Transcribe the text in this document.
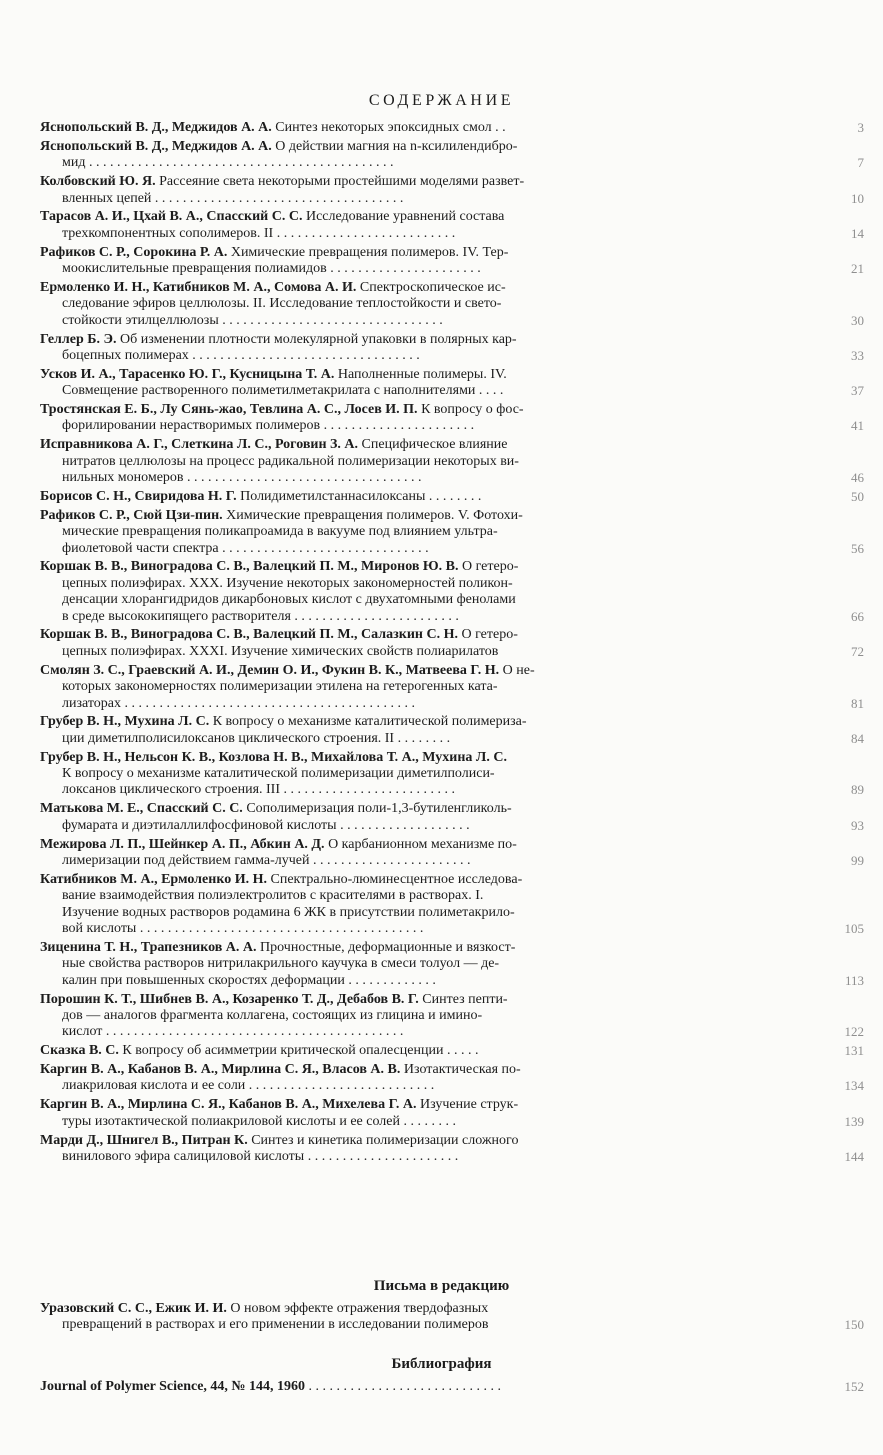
СОДЕРЖАНИЕ
Яснопольский В. Д., Меджидов А. А. Синтез некоторых эпоксидных смол . .	3
Яснопольский В. Д., Меджидов А. А. О действии магния на n-ксилилендибро-
мид . . . . . . . . . . . . . . . . . . . . . . . . . . . . . . . . . . . . . . . . . . . .	7
Колбовский Ю. Я. Рассеяние света некоторыми простейшими моделями развет-
вленных цепей . . . . . . . . . . . . . . . . . . . . . . . . . . . . . . . . . . . .	10
Тарасов А. И., Цхай В. А., Спасский С. С. Исследование уравнений состава
трехкомпонентных сополимеров. II . . . . . . . . . . . . . . . . . . . . . . . . . .	14
Рафиков С. Р., Сорокина Р. А. Химические превращения полимеров. IV. Тер-
моокислительные превращения полиамидов . . . . . . . . . . . . . . . . . . . . . .	21
Ермоленко И. Н., Катибников М. А., Сомова А. И. Спектроскопическое ис-
следование эфиров целлюлозы. II. Исследование теплостойкости и свето-
стойкости этилцеллюлозы . . . . . . . . . . . . . . . . . . . . . . . . . . . . . . . .	30
Геллер Б. Э. Об изменении плотности молекулярной упаковки в полярных кар-
боцепных полимерах . . . . . . . . . . . . . . . . . . . . . . . . . . . . . . . . .	33
Усков И. А., Тарасенко Ю. Г., Кусницына Т. А. Наполненные полимеры. IV.
Совмещение растворенного полиметилметакрилата с наполнителями . . . .	37
Тростянская Е. Б., Лу Сянь-жао, Тевлина А. С., Лосев И. П. К вопросу о фос-
форилировании нерастворимых полимеров . . . . . . . . . . . . . . . . . . . . . .	41
Исправникова А. Г., Слеткина Л. С., Роговин З. А. Специфическое влияние
нитратов целлюлозы на процесс радикальной полимеризации некоторых ви-
нильных мономеров . . . . . . . . . . . . . . . . . . . . . . . . . . . . . . . . . .	46
Борисов С. Н., Свиридова Н. Г. Полидиметилстаннасилоксаны . . . . . . . .	50
Рафиков С. Р., Сюй Цзи-пин. Химические превращения полимеров. V. Фотохи-
мические превращения поликапроамида в вакууме под влиянием ультра-
фиолетовой части спектра . . . . . . . . . . . . . . . . . . . . . . . . . . . . . .	56
Коршак В. В., Виноградова С. В., Валецкий П. М., Миронов Ю. В. О гетеро-
цепных полиэфирах. XXX. Изучение некоторых закономерностей поликон-
денсации хлорангидридов дикарбоновых кислот с двухатомными фенолами
в среде высококипящего растворителя . . . . . . . . . . . . . . . . . . . . . . . .	66
Коршак В. В., Виноградова С. В., Валецкий П. М., Салазкин С. Н. О гетеро-
цепных полиэфирах. XXXI. Изучение химических свойств полиарилатов	72
Смолян З. С., Граевский А. И., Демин О. И., Фукин В. К., Матвеева Г. Н. О не-
которых закономерностях полимеризации этилена на гетерогенных ката-
лизаторах . . . . . . . . . . . . . . . . . . . . . . . . . . . . . . . . . . . . . . . . . .	81
Грубер В. Н., Мухина Л. С. К вопросу о механизме каталитической полимериза-
ции диметилполисилоксанов циклического строения. II . . . . . . . .	84
Грубер В. Н., Нельсон К. В., Козлова Н. В., Михайлова Т. А., Мухина Л. С.
К вопросу о механизме каталитической полимеризации диметилполиси-
локсанов циклического строения. III . . . . . . . . . . . . . . . . . . . . . . . . .	89
Матькова М. Е., Спасский С. С. Сополимеризация поли-1,3-бутиленгликоль-
фумарата и диэтилаллилфосфиновой кислоты . . . . . . . . . . . . . . . . . . .	93
Межирова Л. П., Шейнкер А. П., Абкин А. Д. О карбанионном механизме по-
лимеризации под действием гамма-лучей . . . . . . . . . . . . . . . . . . . . . . .	99
Катибников М. А., Ермоленко И. Н. Спектрально-люминесцентное исследова-
вание взаимодействия полиэлектролитов с красителями в растворах. I.
Изучение водных растворов родамина 6 ЖК в присутствии полиметакрило-
вой кислоты . . . . . . . . . . . . . . . . . . . . . . . . . . . . . . . . . . . . . . . . .	105
Зиценина Т. Н., Трапезников А. А. Прочностные, деформационные и вязкост-
ные свойства растворов нитрилакрильного каучука в смеси толуол — де-
калин при повышенных скоростях деформации . . . . . . . . . . . . .	113
Порошин К. Т., Шибнев В. А., Козаренко Т. Д., Дебабов В. Г. Синтез пепти-
дов — аналогов фрагмента коллагена, состоящих из глицина и имино-
кислот . . . . . . . . . . . . . . . . . . . . . . . . . . . . . . . . . . . . . . . . . . .	122
Сказка В. С. К вопросу об асимметрии критической опалесценции . . . . .	131
Каргин В. А., Кабанов В. А., Мирлина С. Я., Власов А. В. Изотактическая по-
лиакриловая кислота и ее соли . . . . . . . . . . . . . . . . . . . . . . . . . . .	134
Каргин В. А., Мирлина С. Я., Кабанов В. А., Михелева Г. А. Изучение струк-
туры изотактической полиакриловой кислоты и ее солей . . . . . . . .	139
Марди Д., Шнигел В., Питран К. Синтез и кинетика полимеризации сложного
винилового эфира салициловой кислоты . . . . . . . . . . . . . . . . . . . . . .	144
Письма в редакцию
Уразовский С. С., Ежик И. И. О новом эффекте отражения твердофазных
превращений в растворах и его применении в исследовании полимеров	150
Библиография
Journal of Polymer Science, 44, № 144, 1960 . . . . . . . . . . . . . . . . . . . . . . . . . . . .	152
